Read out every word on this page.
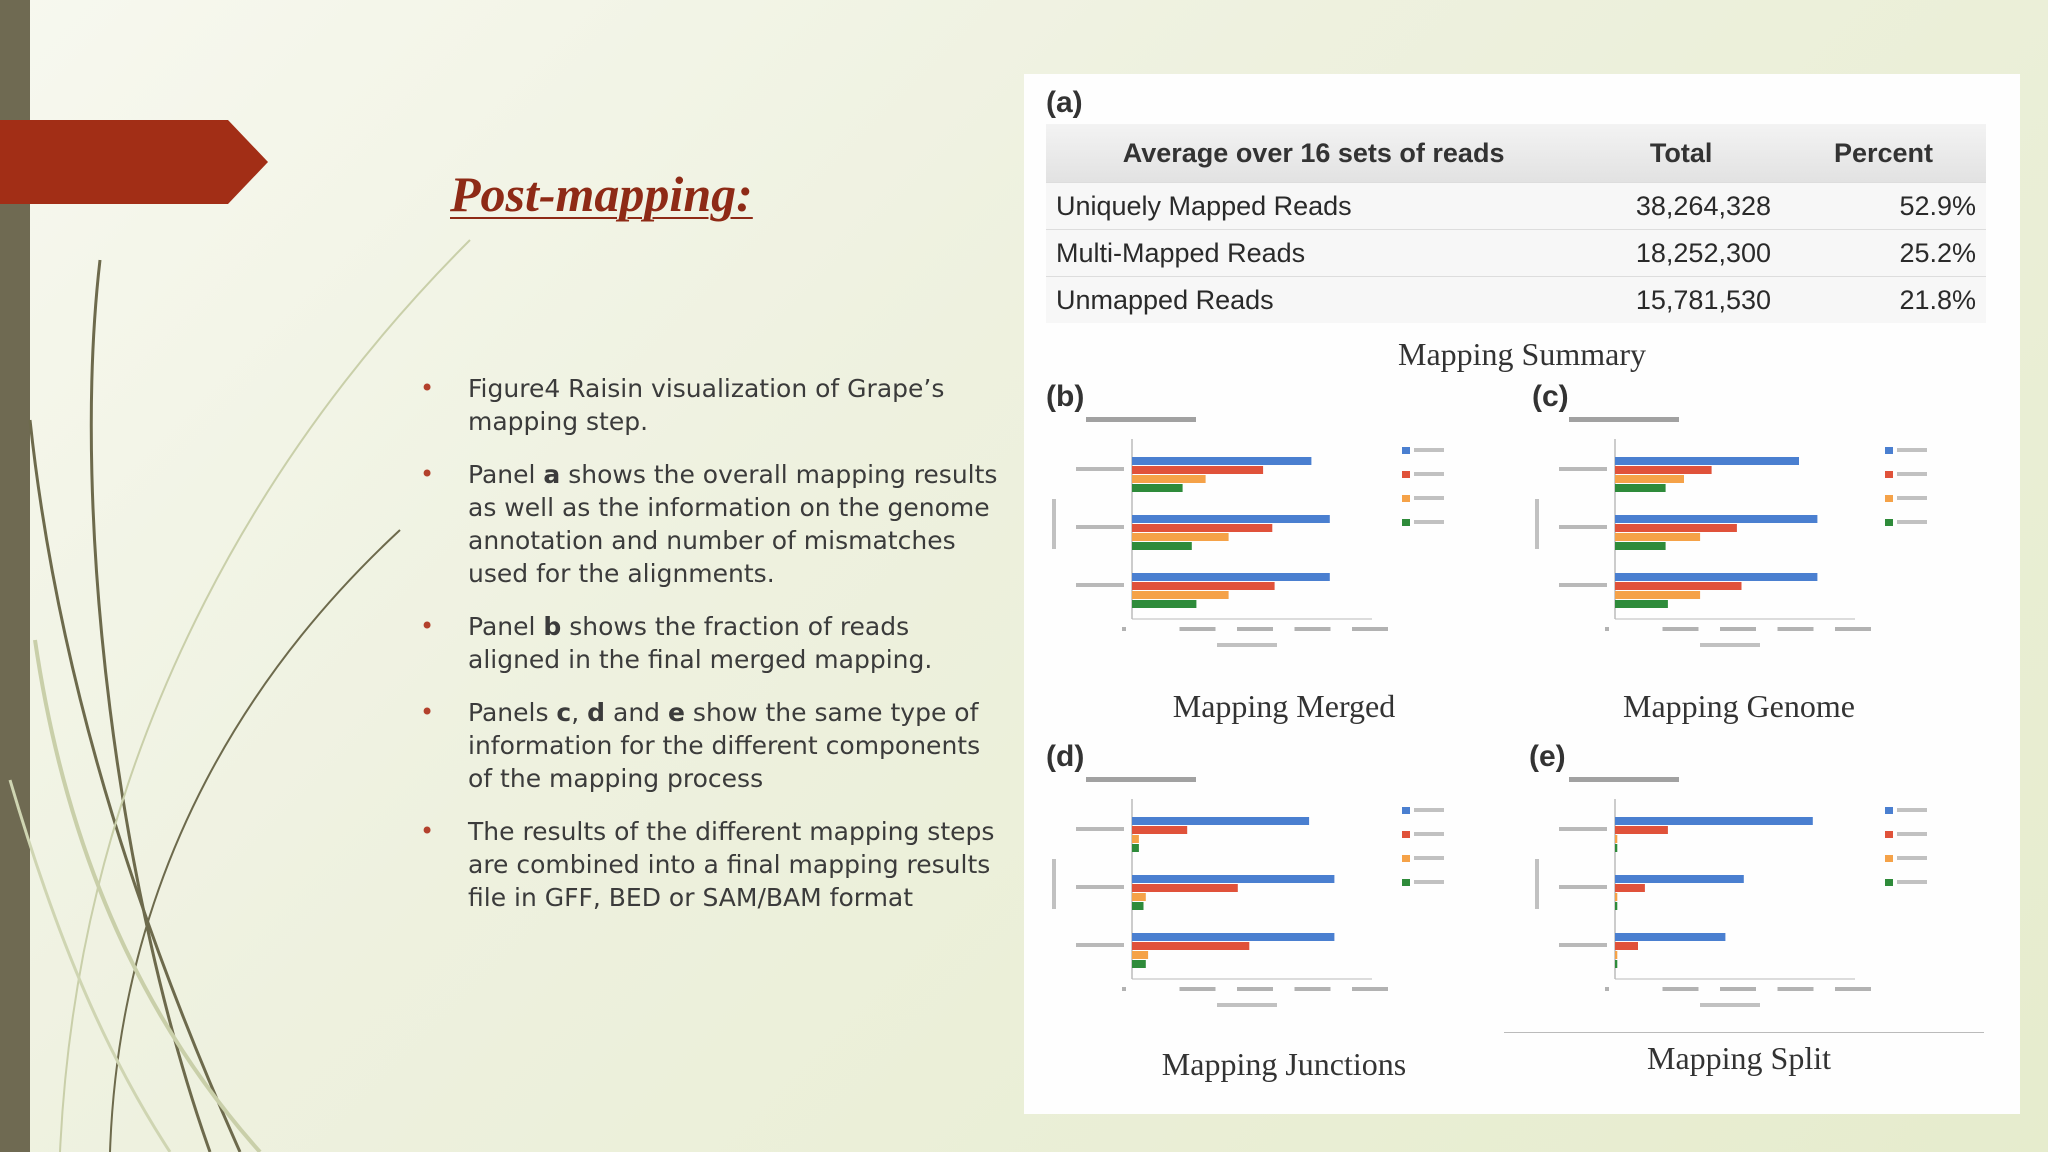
Post-mapping:
• Figure4 Raisin visualization of Grape’s mapping step.
• Panel a shows the overall mapping results as well as the information on the genome annotation and number of mismatches used for the alignments.
• Panel b shows the fraction of reads aligned in the final merged mapping.
• Panels c, d and e show the same type of information for the different components of the mapping process
• The results of the different mapping steps are combined into a final mapping results file in GFF, BED or SAM/BAM format
(a)
Average over 16 sets of reads	Total	Percent
Uniquely Mapped Reads	38,264,328	52.9%
Multi-Mapped Reads	18,252,300	25.2%
Unmapped Reads	15,781,530	21.8%
Mapping Summary
(b)	(c)
(d)	(e)
Mapping Merged	Mapping Genome
Mapping Junctions	Mapping Split
